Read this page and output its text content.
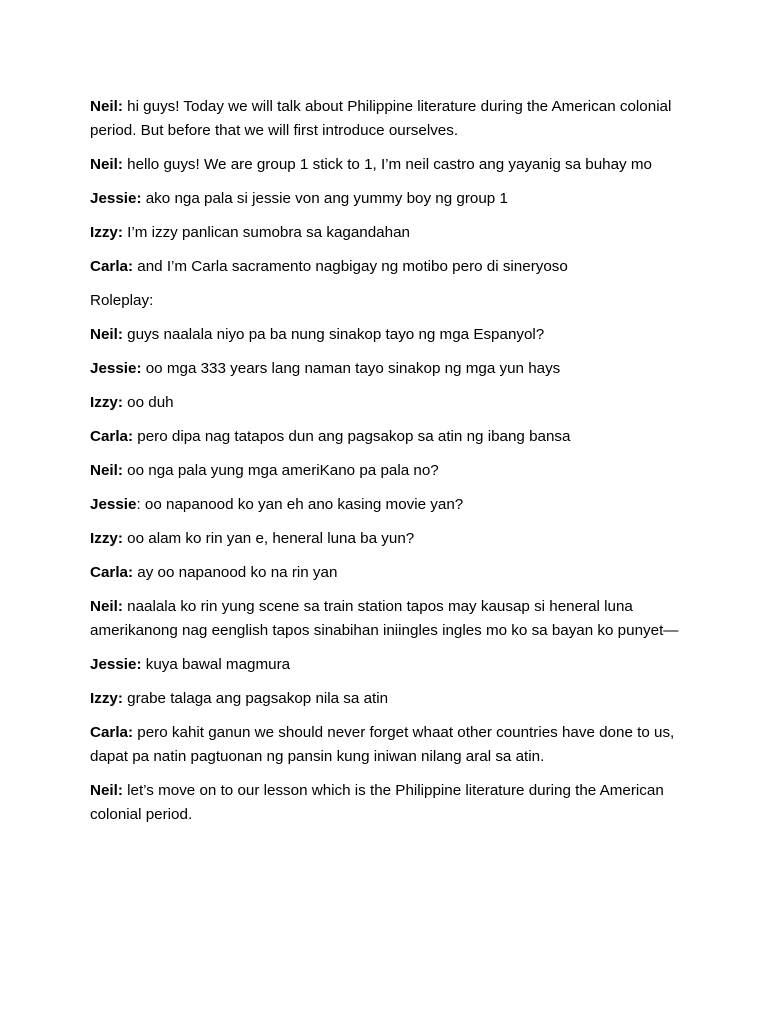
Neil: hi guys! Today we will talk about Philippine literature during the American colonial period. But before that we will first introduce ourselves.

Neil: hello guys! We are group 1 stick to 1, I’m neil castro ang yayanig sa buhay mo

Jessie: ako nga pala si jessie von ang yummy boy ng group 1

Izzy: I’m izzy panlican sumobra sa kagandahan

Carla: and I’m Carla sacramento nagbigay ng motibo pero di sineryoso

Roleplay:

Neil: guys naalala niyo pa ba nung sinakop tayo ng mga Espanyol?

Jessie: oo mga 333 years lang naman tayo sinakop ng mga yun hays

Izzy: oo duh

Carla: pero dipa nag tatapos dun ang pagsakop sa atin ng ibang bansa

Neil: oo nga pala yung mga ameriKano pa pala no?

Jessie: oo napanood ko yan eh ano kasing movie yan?

Izzy: oo alam ko rin yan e, heneral luna ba yun?

Carla: ay oo napanood ko na rin yan

Neil: naalala ko rin yung scene sa train station tapos may kausap si heneral luna amerikanong nag eenglish tapos sinabihan iniingles ingles mo ko sa bayan ko punyet—

Jessie: kuya bawal magmura

Izzy: grabe talaga ang pagsakop nila sa atin

Carla: pero kahit ganun we should never forget whaat other countries have done to us, dapat pa natin pagtuonan ng pansin kung iniwan nilang aral sa atin.

Neil: let’s move on to our lesson which is the Philippine literature during the American colonial period.
